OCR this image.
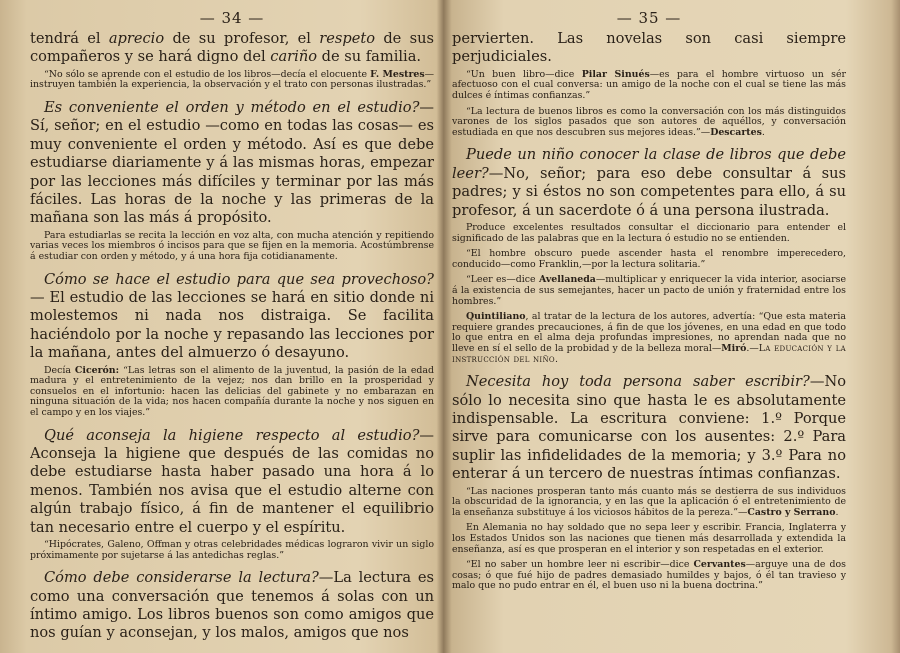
— 34 —

tendrá el aprecio de su profesor, el respeto de sus compañeros y se hará digno del cariño de su familia.

“No sólo se aprende con el estudio de los libros—decía el elocuente F. Mestres—instruyen también la experiencia, la observación y el trato con personas ilustradas.”

Es conveniente el orden y método en el estudio?— Sí, señor; en el estudio —como en todas las cosas— es muy conveniente el orden y método. Así es que debe estudiarse diariamente y á las mismas horas, empezar por las lecciones más difíciles y terminar por las más fáciles. Las horas de la noche y las primeras de la mañana son las más á propósito.

Para estudiarlas se recita la lección en voz alta, con mucha atención y repitiendo varias veces los miembros ó incisos para que se fijen en la memoria. Acostúmbrense á estudiar con orden y método, y á una hora fija cotidianamente.

Cómo se hace el estudio para que sea provechoso?— El estudio de las lecciones se hará en sitio donde ni molestemos ni nada nos distraiga. Se facilita haciéndolo por la noche y repasando las lecciones por la mañana, antes del almuerzo ó desayuno.

Decía Cicerón: “Las letras son el alimento de la juventud, la pasión de la edad madura y el entretenimiento de la vejez; nos dan brillo en la prosperidad y consuelos en el infortunio: hacen las delicias del gabinete y no embarazan en ninguna situación de la vida; nos hacen compañía durante la noche y nos siguen en el campo y en los viajes.”

Qué aconseja la higiene respecto al estudio?—Aconseja la higiene que después de las comidas no debe estudiarse hasta haber pasado una hora á lo menos. También nos avisa que el estudio alterne con algún trabajo físico, á fin de mantener el equilibrio tan necesario entre el cuerpo y el espíritu.

“Hipócrates, Galeno, Offman y otras celebridades médicas lograron vivir un siglo próximamente por sujetarse á las antedichas reglas.”

Cómo debe considerarse la lectura?—La lectura es como una conversación que tenemos á solas con un íntimo amigo. Los libros buenos son como amigos que nos guían y aconsejan, y los malos, amigos que nos

— 35 —

pervierten. Las novelas son casi siempre perjudiciales.

“Un buen libro—dice Pilar Sinués—es para el hombre virtuoso un sér afectuoso con el cual conversa: un amigo de la noche con el cual se tiene las más dulces é íntimas confianzas.”

“La lectura de buenos libros es como la conversación con los más distinguidos varones de los siglos pasados que son autores de aquéllos, y conversación estudiada en que nos descubren sus mejores ideas.”—Descartes.

Puede un niño conocer la clase de libros que debe leer?—No, señor; para eso debe consultar á sus padres; y si éstos no son competentes para ello, á su profesor, á un sacerdote ó á una persona ilustrada.

Produce excelentes resultados consultar el diccionario para entender el significado de las palabras que en la lectura ó estudio no se entienden.

“El hombre obscuro puede ascender hasta el renombre imperecedero, conducido—como Franklin,—por la lectura solitaria.”

“Leer es—dice Avellaneda—multiplicar y enriquecer la vida interior, asociarse á la existencia de sus semejantes, hacer un pacto de unión y fraternidad entre los hombres.”

Quintiliano, al tratar de la lectura de los autores, advertía: “Que esta materia requiere grandes precauciones, á fin de que los jóvenes, en una edad en que todo lo que entra en el alma deja profundas impresiones, no aprendan nada que no lleve en sí el sello de la probidad y de la belleza moral—Miró.—La educación y la instrucción del niño.

Necesita hoy toda persona saber escribir?—No sólo lo necesita sino que hasta le es absolutamente indispensable. La escritura conviene: 1.º Porque sirve para comunicarse con los ausentes: 2.º Para suplir las infidelidades de la memoria; y 3.º Para no enterar á un tercero de nuestras íntimas confianzas.

“Las naciones prosperan tanto más cuanto más se destierra de sus individuos la obscuridad de la ignorancia, y en las que la aplicación ó el entretenimiento de la enseñanza substituye á los viciosos hábitos de la pereza.”—Castro y Serrano.

En Alemania no hay soldado que no sepa leer y escribir. Francia, Inglaterra y los Estados Unidos son las naciones que tienen más desarrollada y extendida la enseñanza, así es que prosperan en el interior y son respetadas en el exterior.

“El no saber un hombre leer ni escribir—dice Cervantes—arguye una de dos cosas; ó que fué hijo de padres demasiado humildes y bajos, ó él tan travieso y malo que no pudo entrar en él, el buen uso ni la buena doctrina.”
